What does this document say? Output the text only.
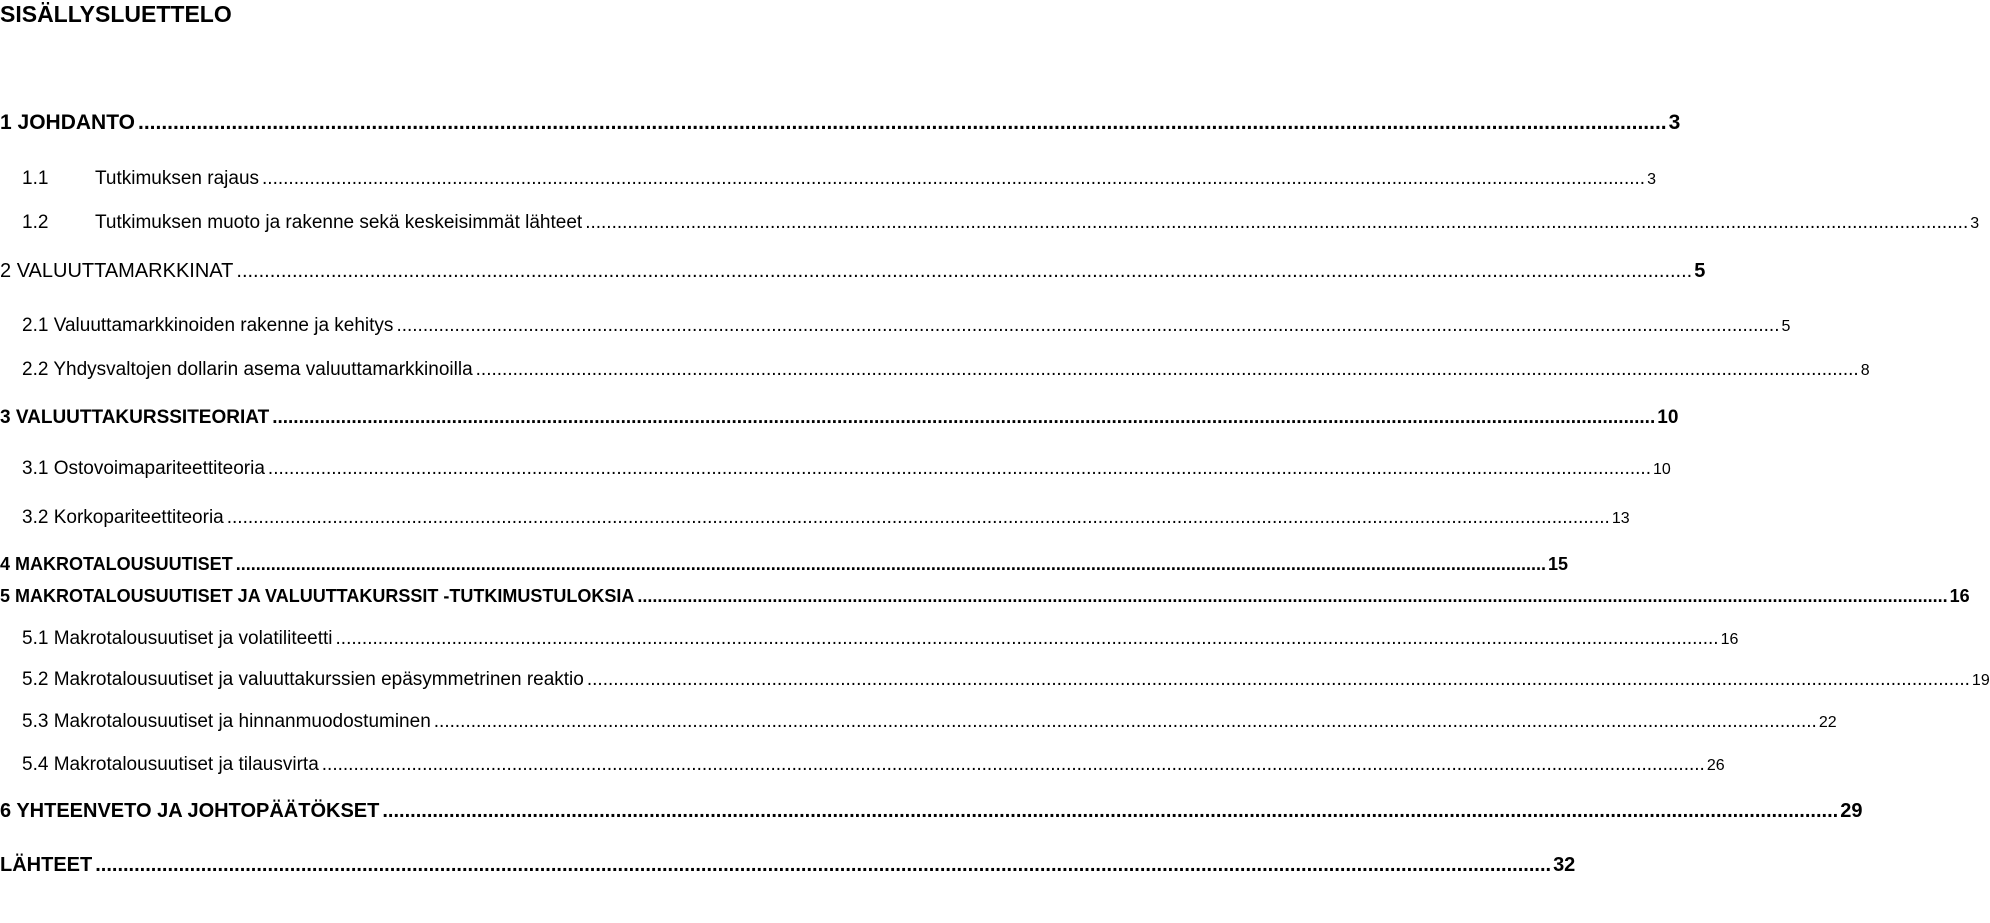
SISÄLLYSLUETTELO
1 JOHDANTO .....	3
1.1 Tutkimuksen rajaus .....	3
1.2 Tutkimuksen muoto ja rakenne sekä keskeisimmät lähteet .....	3
2 VALUUTTAMARKKINAT .....	5
2.1 Valuuttamarkkinoiden rakenne ja kehitys .....	5
2.2 Yhdysvaltojen dollarin asema valuuttamarkkinoilla .....	8
3 VALUUTTAKURSSITEORIAT .....	10
3.1 Ostovoimapariteettiteoria .....	10
3.2 Korkopariteettiteoria .....	13
4 MAKROTALOUSUUTISET .....	15
5 MAKROTALOUSUUTISET JA VALUUTTAKURSSIT -TUTKIMUSTULOKSIA .....	16
5.1 Makrotalousuutiset ja volatiliteetti .....	16
5.2 Makrotalousuutiset ja valuuttakurssien epäsymmetrinen reaktio .....	19
5.3 Makrotalousuutiset ja hinnanmuodostuminen .....	22
5.4 Makrotalousuutiset ja tilausvirta .....	26
6 YHTEENVETO JA JOHTOPÄÄTÖKSET .....	29
LÄHTEET .....	32
